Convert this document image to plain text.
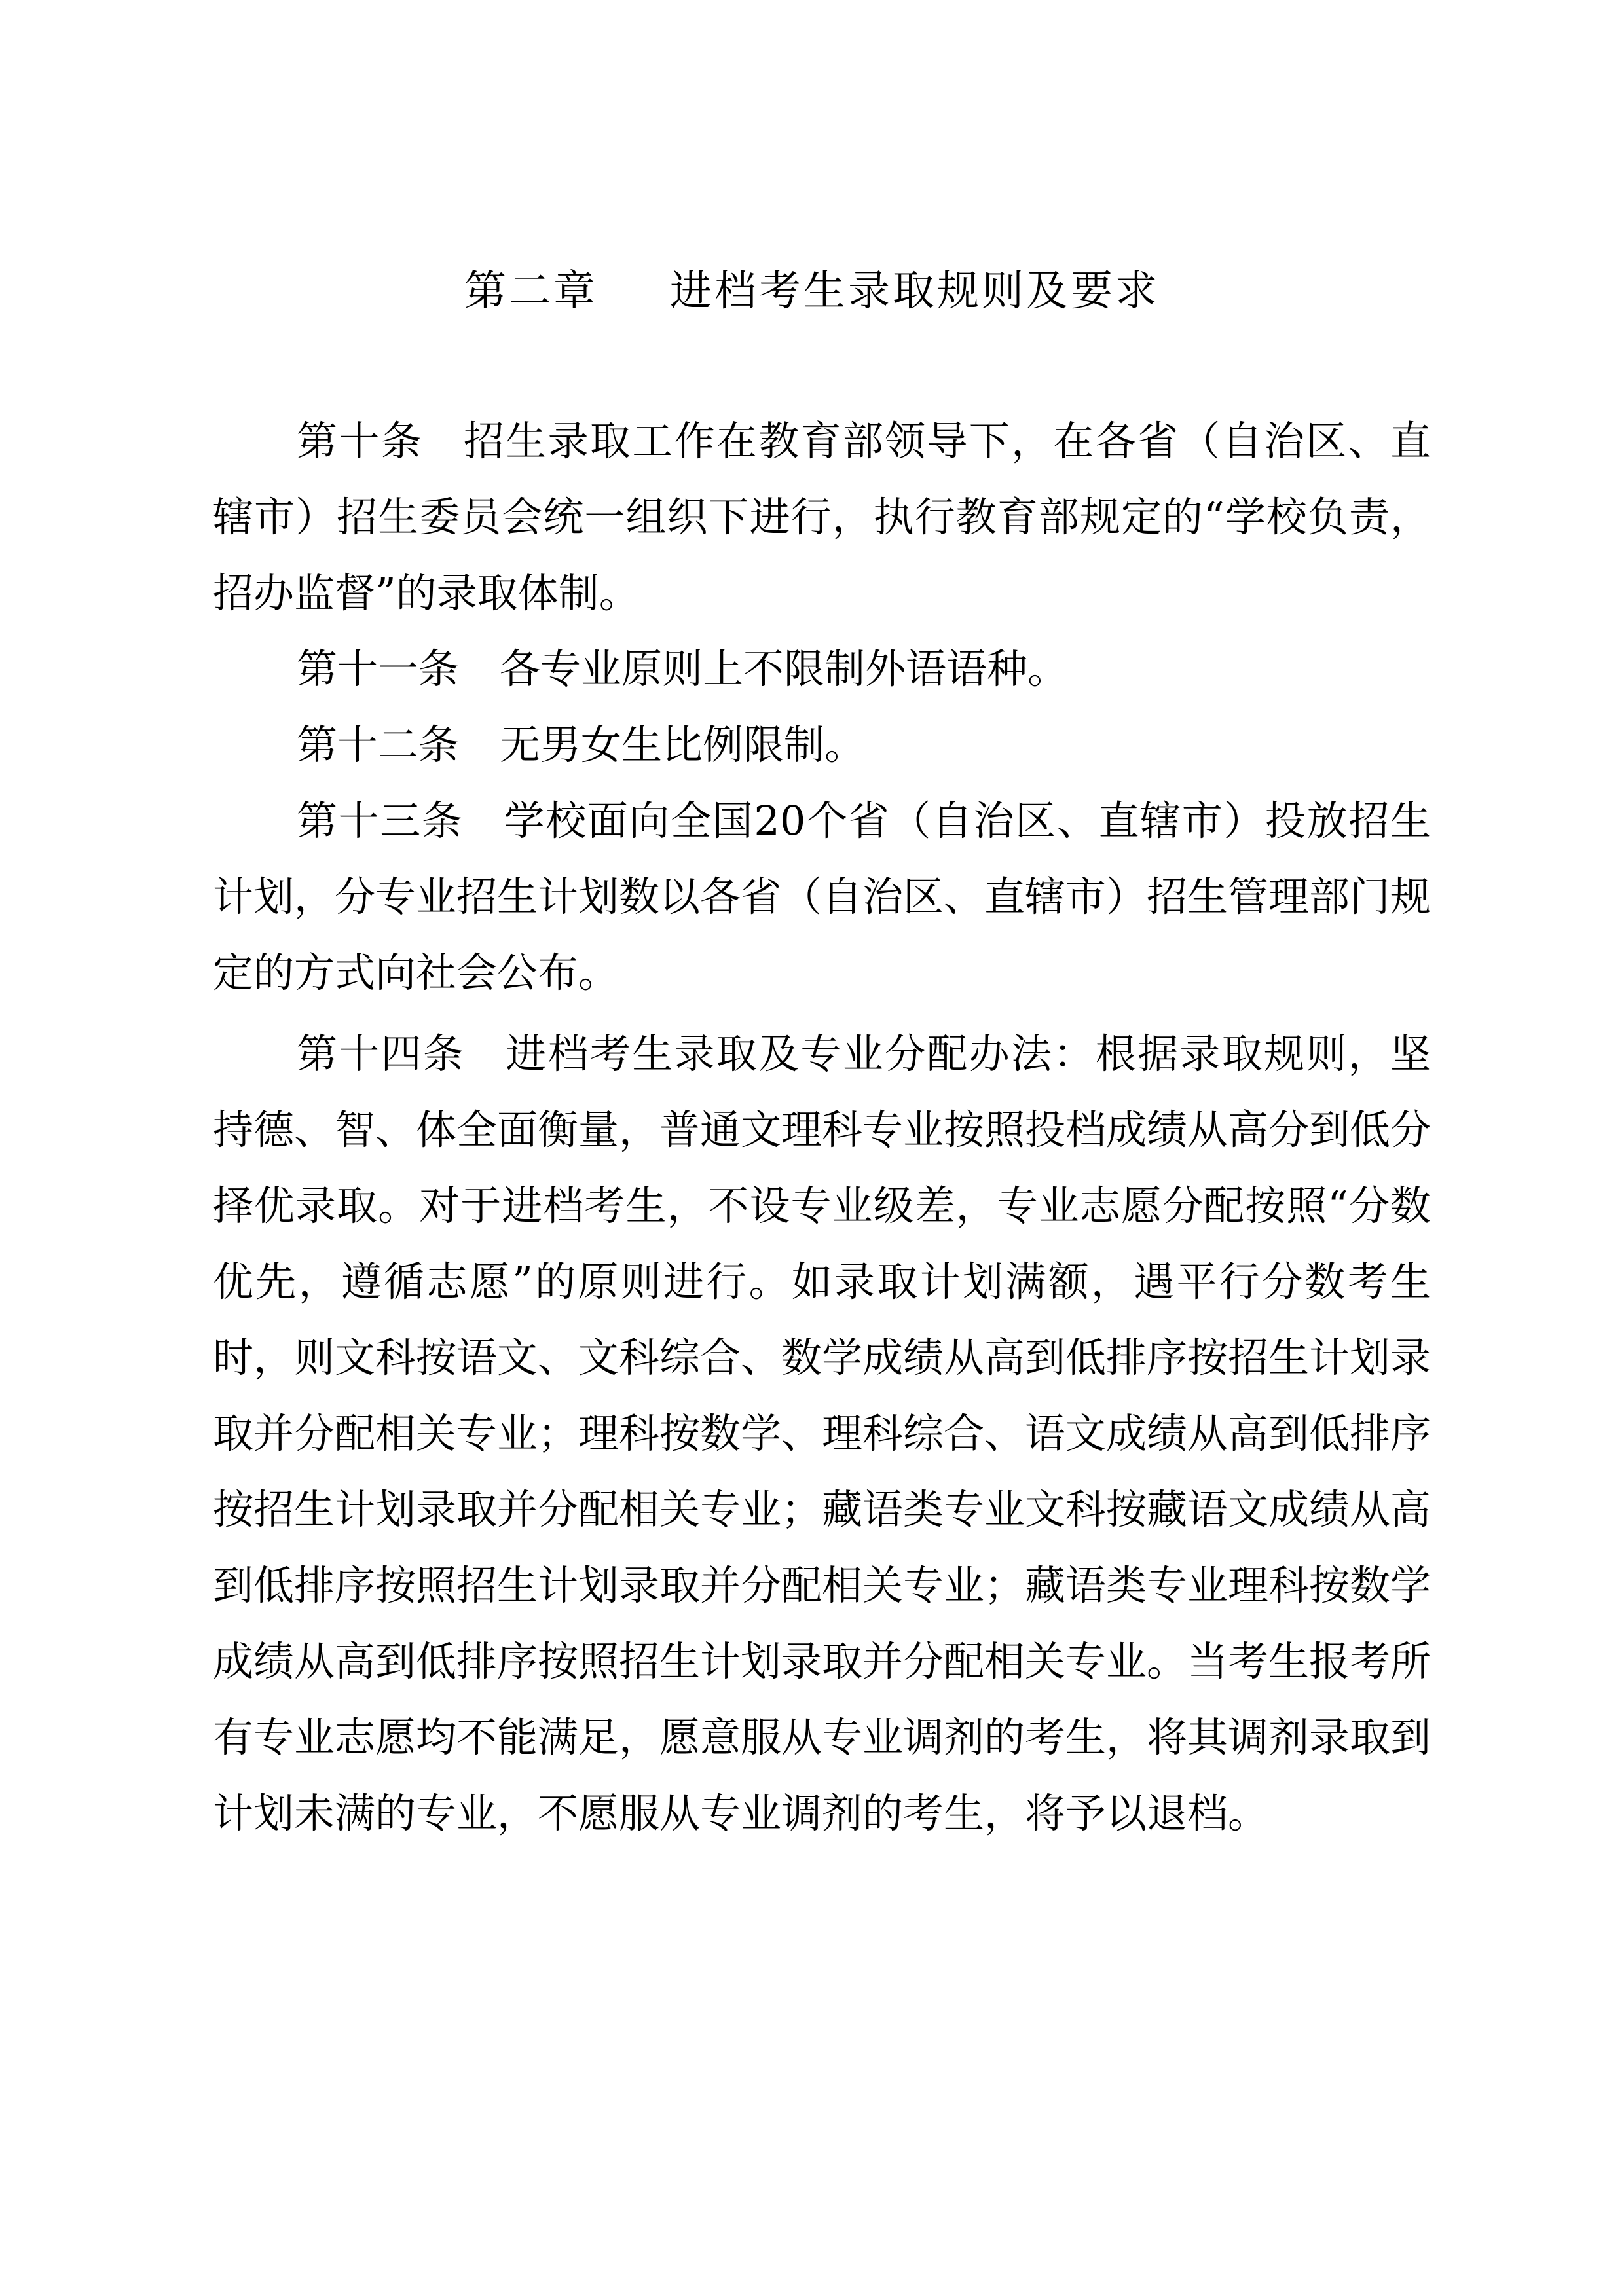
第二章 进档考生录取规则及要求

第十条 招生录取工作在教育部领导下，在各省（自治区、直辖市）招生委员会统一组织下进行，执行教育部规定的“学校负责，招办监督”的录取体制。

第十一条 各专业原则上不限制外语语种。

第十二条 无男女生比例限制。

第十三条 学校面向全国20个省（自治区、直辖市）投放招生计划，分专业招生计划数以各省（自治区、直辖市）招生管理部门规定的方式向社会公布。

第十四条 进档考生录取及专业分配办法：根据录取规则，坚持德、智、体全面衡量，普通文理科专业按照投档成绩从高分到低分择优录取。对于进档考生，不设专业级差，专业志愿分配按照“分数优先，遵循志愿”的原则进行。如录取计划满额，遇平行分数考生时，则文科按语文、文科综合、数学成绩从高到低排序按招生计划录取并分配相关专业；理科按数学、理科综合、语文成绩从高到低排序按招生计划录取并分配相关专业；藏语类专业文科按藏语文成绩从高到低排序按照招生计划录取并分配相关专业；藏语类专业理科按数学成绩从高到低排序按照招生计划录取并分配相关专业。当考生报考所有专业志愿均不能满足，愿意服从专业调剂的考生，将其调剂录取到计划未满的专业，不愿服从专业调剂的考生，将予以退档。
